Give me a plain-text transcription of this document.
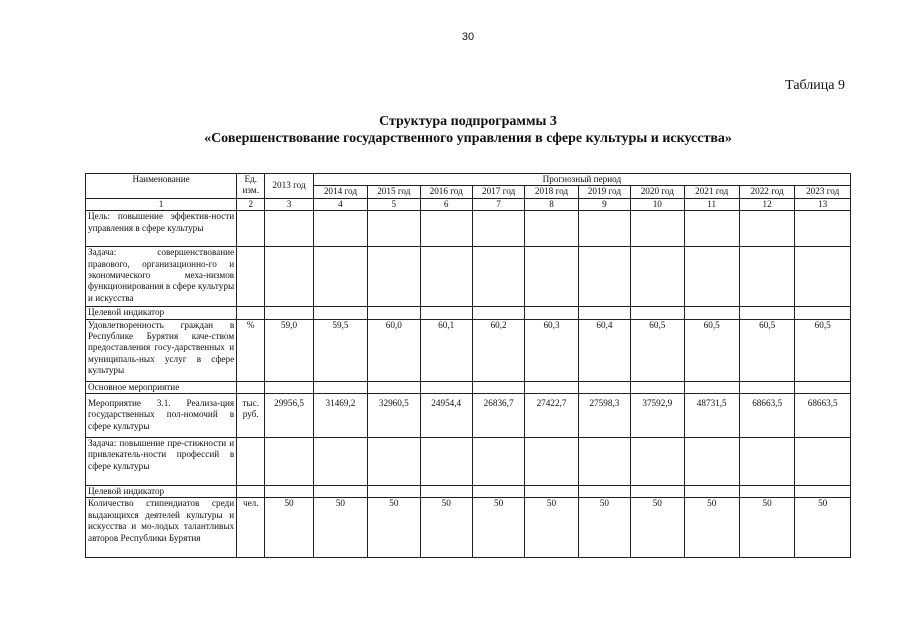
30
Таблица 9
Структура подпрограммы 3
«Совершенствование государственного управления в сфере культуры и искусства»
Наименование	Ед. изм.	2013 год	Прогнозный период									
			2014 год	2015 год	2016 год	2017 год	2018 год	2019 год	2020 год	2021 год	2022 год	2023 год
1	2	3	4	5	6	7	8	9	10	11	12	13
Цель: повышение эффектив-ности управления в сфере культуры												
Задача: совершенствование правового, организационно-го и экономического меха-низмов функционирования в сфере культуры и искусства												
Целевой индикатор												
Удовлетворенность граждан в Республике Бурятия каче-ством предоставления госу-дарственных и муниципаль-ных услуг в сфере культуры	%	59,0	59,5	60,0	60,1	60,2	60,3	60,4	60,5	60,5	60,5	60,5
Основное мероприятие												
Мероприятие 3.1. Реализа-ция государственных пол-номочий в сфере культуры	тыс. руб.	29956,5	31469,2	32960,5	24954,4	26836,7	27422,7	27598,3	37592,9	48731,5	68663,5	68663,5
Задача: повышение пре-стижности и привлекатель-ности профессий в сфере культуры												
Целевой индикатор												
Количество стипендиатов среди выдающихся деятелей культуры и искусства и мо-лодых талантливых авторов Республики Бурятия	чел.	50	50	50	50	50	50	50	50	50	50	50
